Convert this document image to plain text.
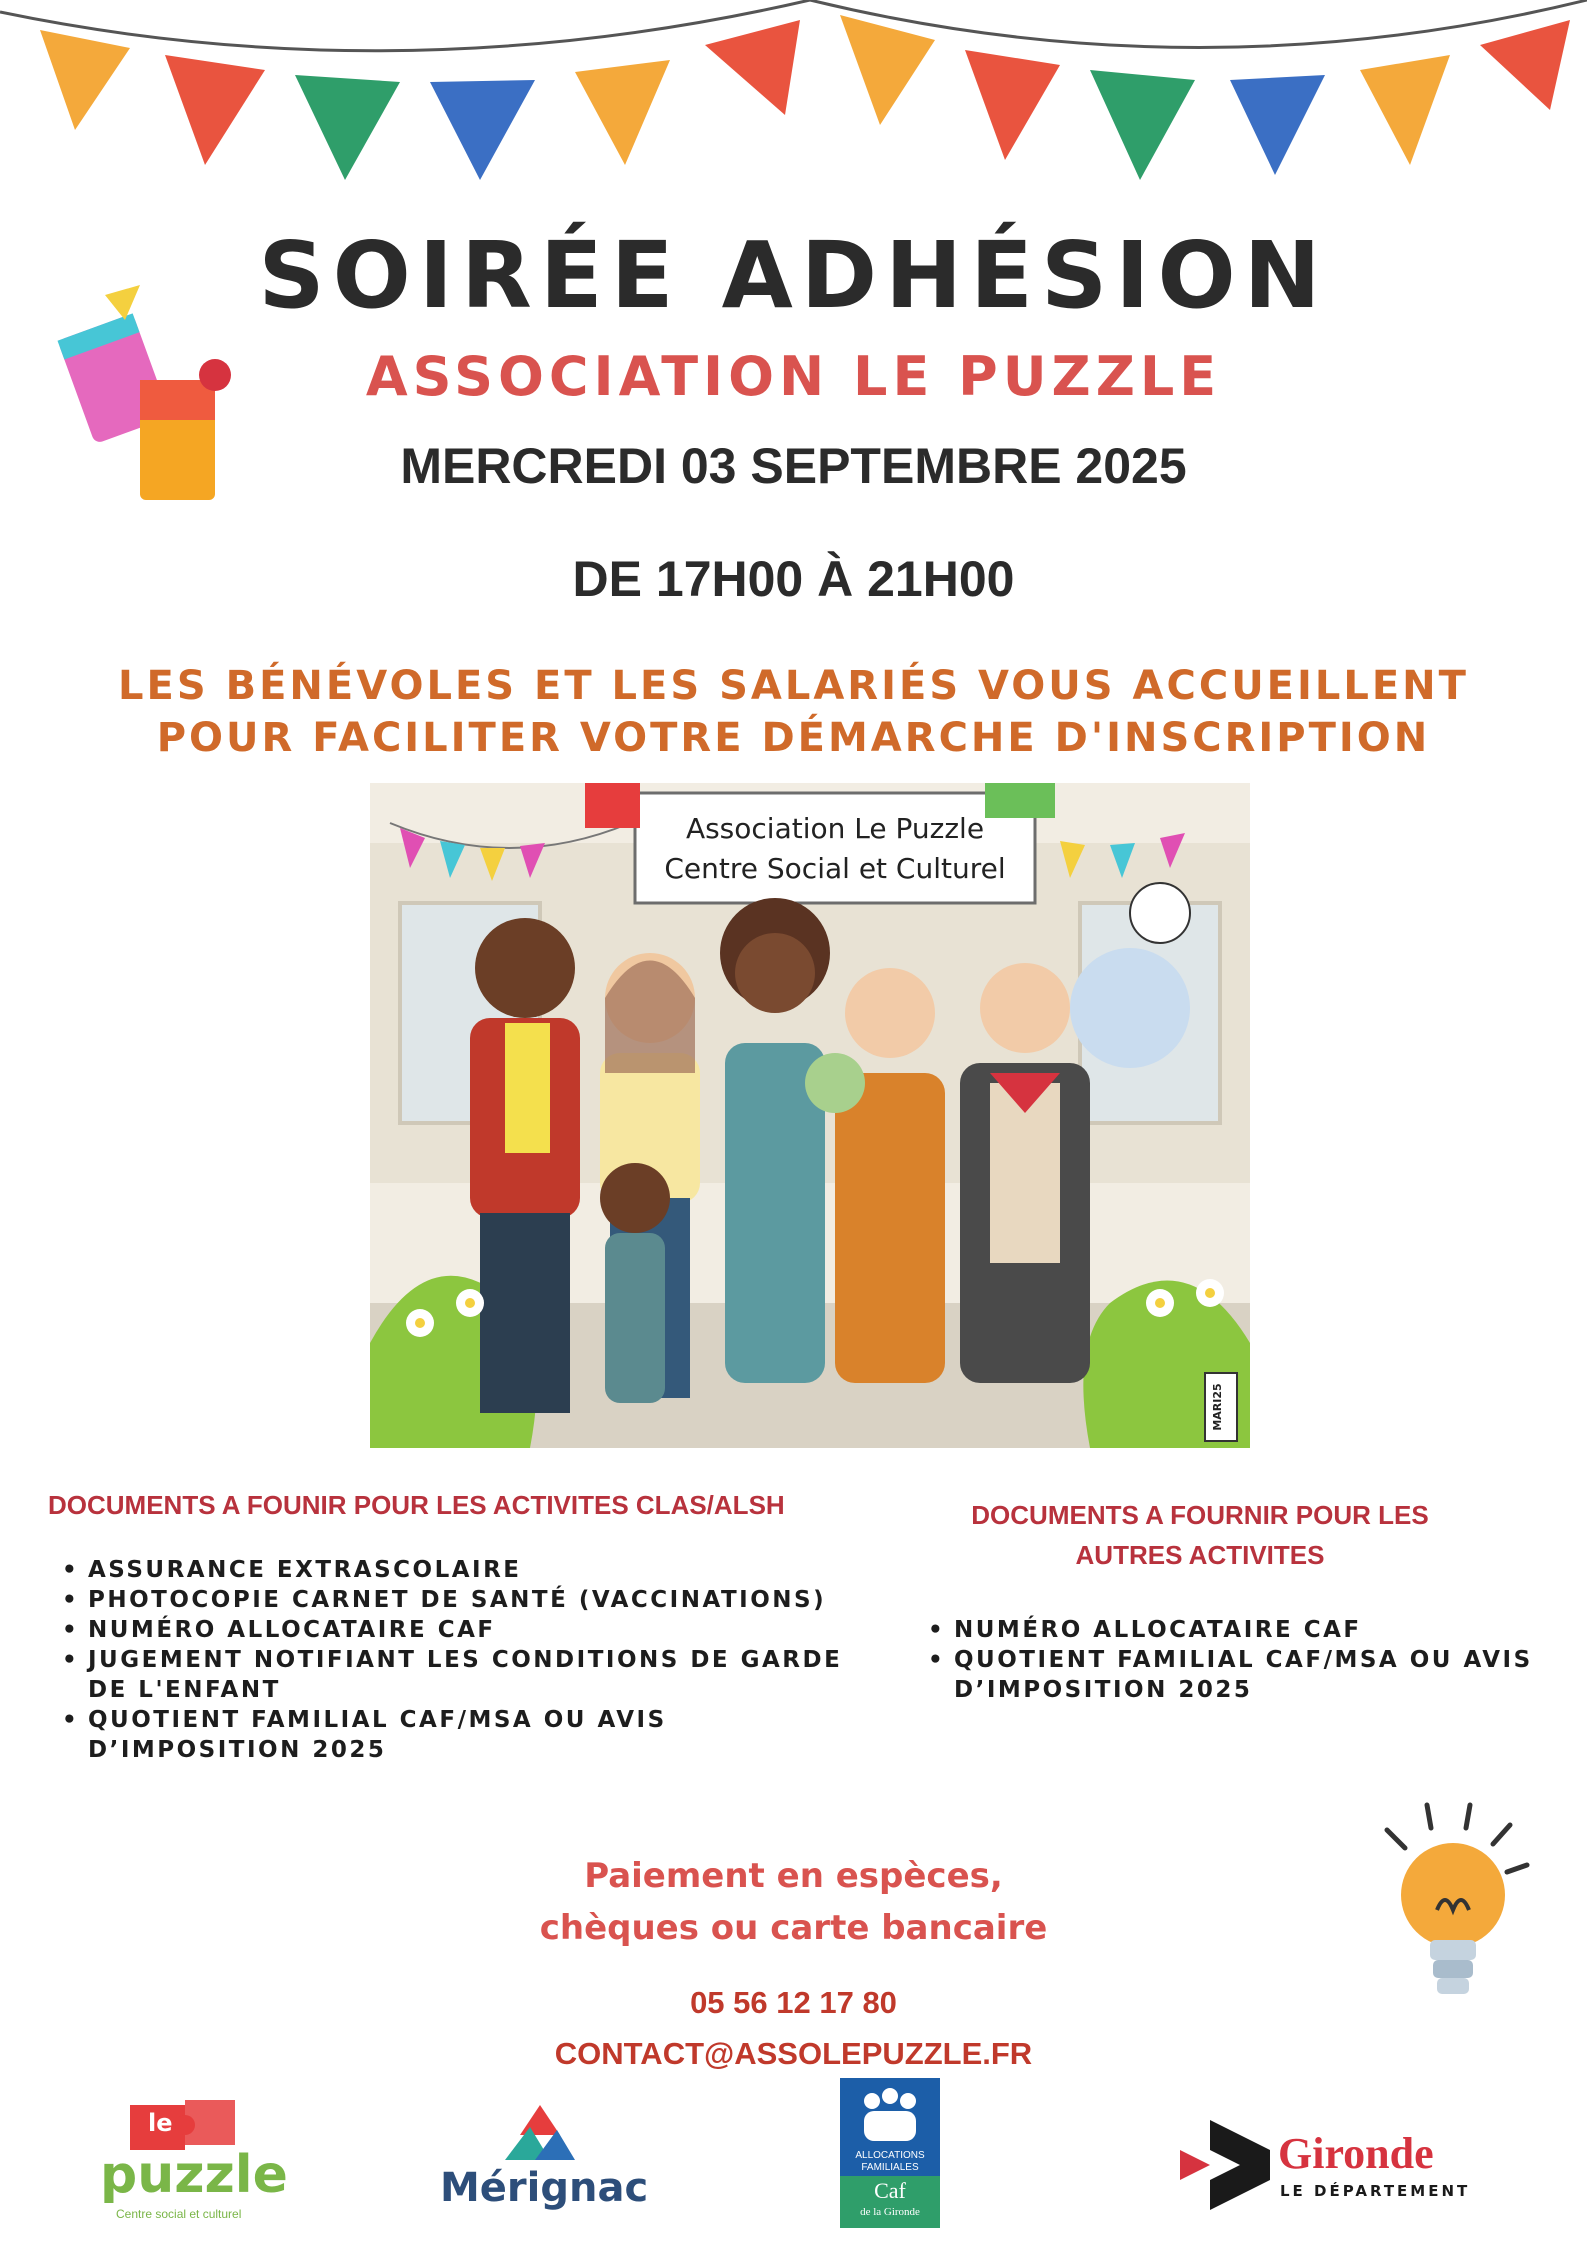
SOIRÉE ADHÉSION
ASSOCIATION LE PUZZLE
MERCREDI 03 SEPTEMBRE 2025
DE 17H00 À 21H00
LES BÉNÉVOLES ET LES SALARIÉS VOUS ACCUEILLENT
POUR FACILITER VOTRE DÉMARCHE D'INSCRIPTION
Association Le Puzzle
Centre Social et Culturel
MARI25
DOCUMENTS A FOUNIR POUR LES ACTIVITES CLAS/ALSH
• ASSURANCE EXTRASCOLAIRE
• PHOTOCOPIE CARNET DE SANTÉ (VACCINATIONS)
• NUMÉRO ALLOCATAIRE CAF
• JUGEMENT NOTIFIANT LES CONDITIONS DE GARDE DE L'ENFANT
• QUOTIENT FAMILIAL CAF/MSA OU AVIS D’IMPOSITION 2025
DOCUMENTS A FOURNIR POUR LES
AUTRES ACTIVITES
• NUMÉRO ALLOCATAIRE CAF
• QUOTIENT FAMILIAL CAF/MSA OU AVIS D’IMPOSITION 2025
Paiement en espèces,
chèques ou carte bancaire
05 56 12 17 80
CONTACT@ASSOLEPUZZLE.FR
le
puzzle
Centre social et culturel
Mérignac
ALLOCATIONS
FAMILIALES
Caf
de la Gironde
Gironde
LE DÉPARTEMENT
